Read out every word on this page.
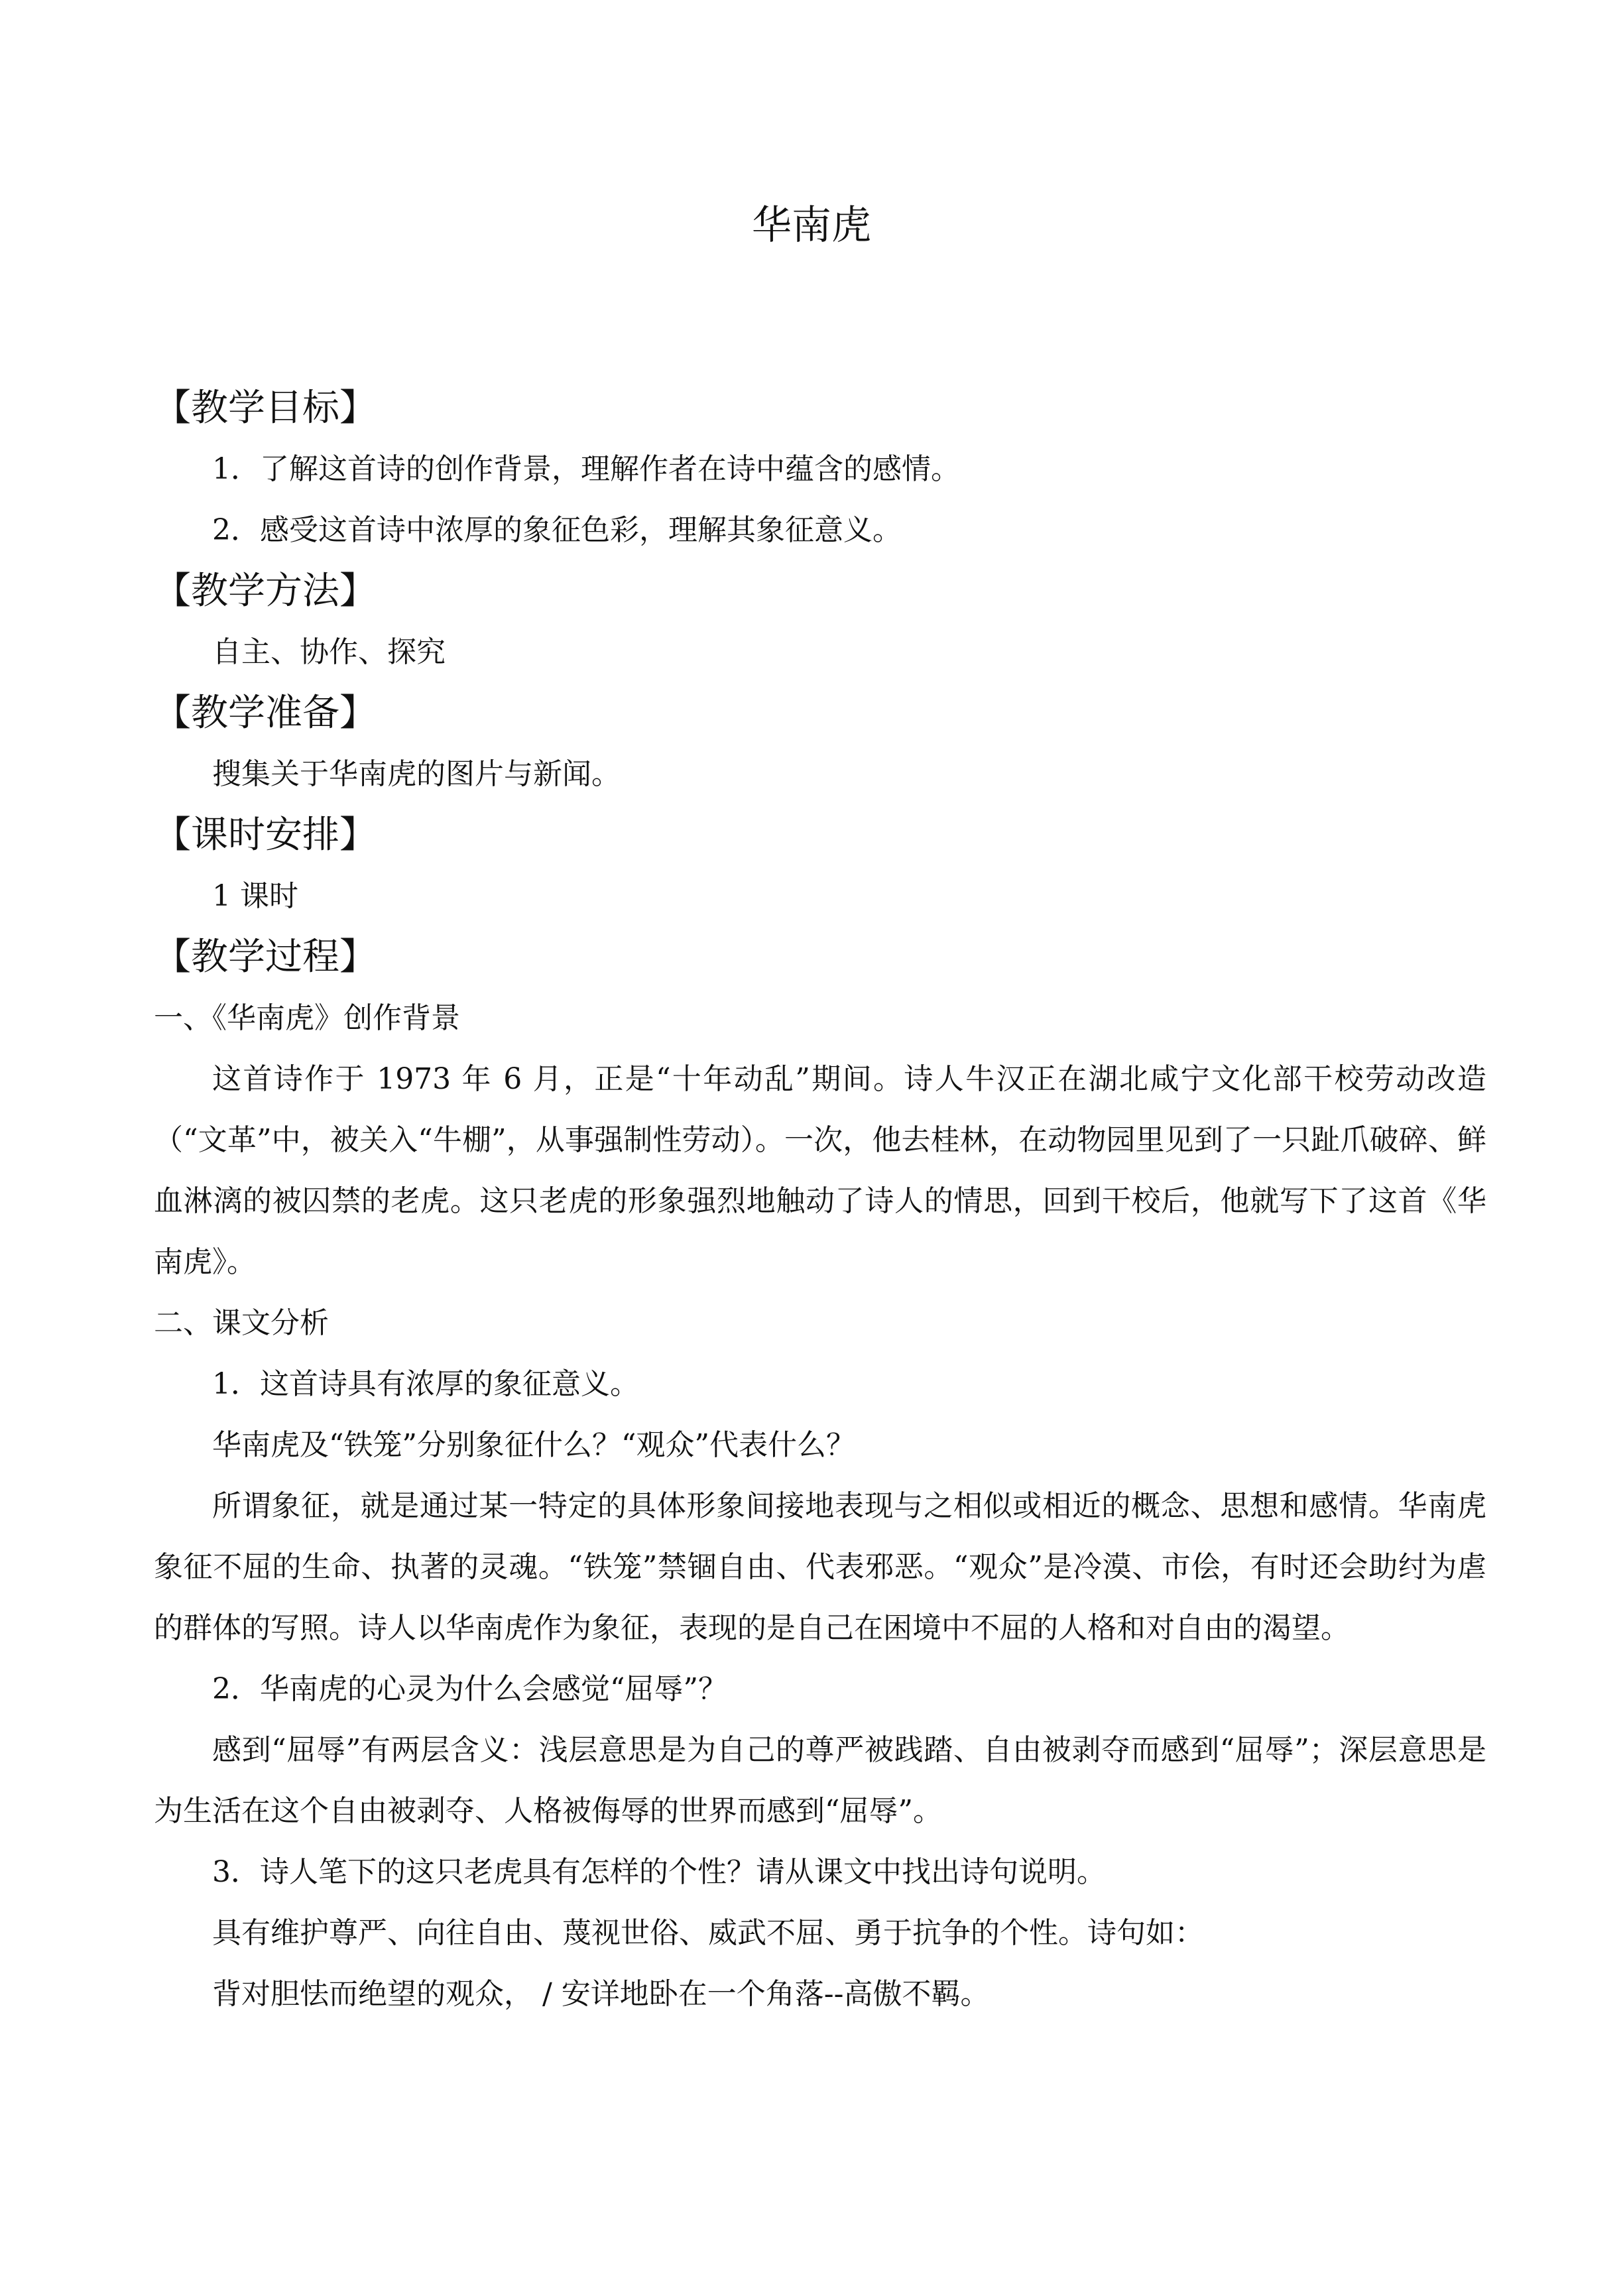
华南虎

【教学目标】

1．了解这首诗的创作背景，理解作者在诗中蕴含的感情。

2．感受这首诗中浓厚的象征色彩，理解其象征意义。

【教学方法】

自主、协作、探究

【教学准备】

搜集关于华南虎的图片与新闻。

【课时安排】

1 课时

【教学过程】

一、《华南虎》创作背景

这首诗作于 1973 年 6 月，正是“十年动乱”期间。诗人牛汉正在湖北咸宁文化部干校劳动改造（“文革”中，被关入“牛棚”，从事强制性劳动）。一次，他去桂林，在动物园里见到了一只趾爪破碎、鲜血淋漓的被囚禁的老虎。这只老虎的形象强烈地触动了诗人的情思，回到干校后，他就写下了这首《华南虎》。

二、课文分析

1．这首诗具有浓厚的象征意义。

华南虎及“铁笼”分别象征什么？“观众”代表什么？

所谓象征，就是通过某一特定的具体形象间接地表现与之相似或相近的概念、思想和感情。华南虎象征不屈的生命、执著的灵魂。“铁笼”禁锢自由、代表邪恶。“观众”是冷漠、市侩，有时还会助纣为虐的群体的写照。诗人以华南虎作为象征，表现的是自己在困境中不屈的人格和对自由的渴望。

2．华南虎的心灵为什么会感觉“屈辱”？

感到“屈辱”有两层含义：浅层意思是为自己的尊严被践踏、自由被剥夺而感到“屈辱”；深层意思是为生活在这个自由被剥夺、人格被侮辱的世界而感到“屈辱”。

3．诗人笔下的这只老虎具有怎样的个性？请从课文中找出诗句说明。

具有维护尊严、向往自由、蔑视世俗、威武不屈、勇于抗争的个性。诗句如：

背对胆怯而绝望的观众， / 安详地卧在一个角落--高傲不羁。
